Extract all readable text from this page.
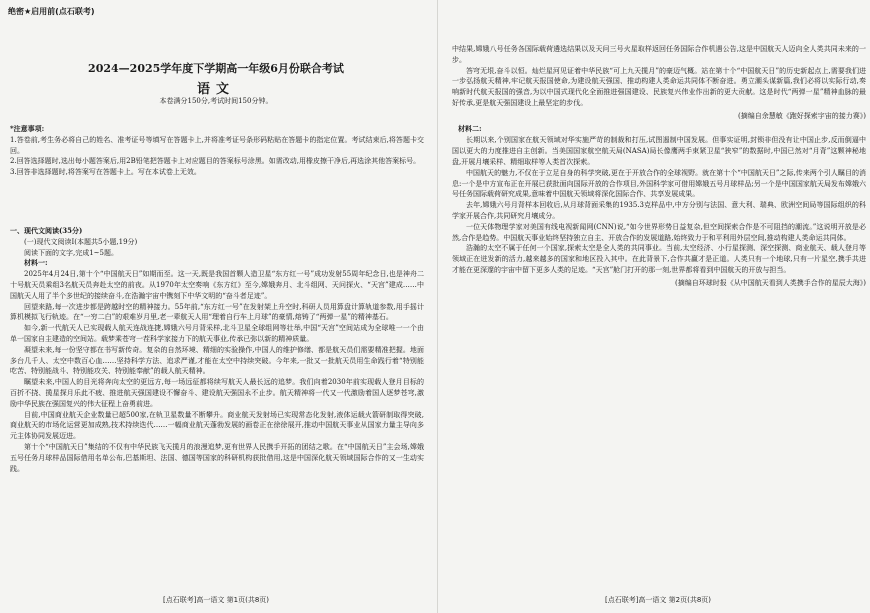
绝密★启用前(点石联考)
2024—2025学年度下学期高一年级6月份联合考试
语文
本卷满分150分,考试时间150分钟。

*注意事项:

1.答卷前,考生务必将自己的姓名、准考证号等填写在答题卡上,并将准考证号条形码粘贴在答题卡的指定位置。考试结束后,将答题卡交回。

2.回答选择题时,选出每小题答案后,用2B铅笔把答题卡上对应题目的答案标号涂黑。如需改动,用橡皮擦干净后,再选涂其他答案标号。

3.回答非选择题时,将答案写在答题卡上。写在本试卷上无效。

一、现代文阅读(35分)

(一)现代文阅读Ⅰ(本题共5小题,19分)

阅读下面的文字,完成1~5题。

材料一:

2025年4月24日,第十个“中国航天日”如期而至。这一天,既是我国首颗人造卫星“东方红一号”成功发射55周年纪念日,也是神舟二十号航天员乘组3名航天员奔赴太空的前夜。从1970年太空奏响《东方红》至今,嫦娥奔月、北斗组网、天问探火、“天宫”建成……中国航天人用了半个多世纪的接续奋斗,在浩瀚宇宙中镌刻下中华文明的“奋斗者足迹”。

回望来路,每一次进步都是跨越时空的精神接力。55年前,“东方红一号”在发射架上升空时,科研人员用算盘计算轨道参数,用手摇计算机模拟飞行轨迹。在“一穷二白”的艰难岁月里,老一辈航天人用“理着自行车上月球”的豪情,熔铸了“两弹一星”的精神基石。

如今,新一代航天人已实现载人航天连战连捷,嫦娥六号月背采样,北斗卫星全球组网等壮举,中国“天宫”空间站成为全球唯一一个由单一国家自主建造的空间站。载梦乘苍穹一茬科学家接力下的航天事业,传承已弥以新的精神质量。

凝望未来,每一份坚守都在书写新传奇。复杂的自然环境、精细的实验操作,中国人的维护修缮、都是航天员们需要精准把握。地面多台几千人、太空中数百心血……坚持科学方法、追求严谨,才能在太空中持续突破。今年来,一批又一批航天员用生命践行着“特别能吃苦、特别能战斗、特别能攻关、特别能奉献”的载人航天精神。

瞩望未来,中国人的目光将奔向太空的更远方,每一场远征都将续写航天人最长远的追梦。我们向着2030年前实现载人登月目标的百折不挠、揽星探月乐此不疲、推进航天强国建设不懈奋斗、建设航天强国永不止步。航天精神将一代又一代激励着国人逐梦苍穹,激励中华民族在强国复兴的伟大征程上奋勇前进。

目前,中国商业航天企业数量已超500家,在轨卫星数量不断攀升。商业航天发射场已实现常态化发射,液体运载火箭研制取得突破,商业航天的市场化运营更加成熟,技术持续迭代……一幅商业航天蓬勃发展的画卷正在徐徐展开,推动中国航天事业从国家力量主导向多元主体协同发展迈进。

第十个“中国航天日”集结的不仅有中华民族飞天揽月的浪漫追梦,更有世界人民携手开拓的团结之歌。在“中国航天日”主会场,嫦娥五号任务月球样品国际借用名单公布,巴基斯坦、法国、德国等国家的科研机构获批借用,这是中国深化航天领域国际合作的又一生动实践。

[点石联考]高一语文 第1页(共8页)

中结果,嫦娥八号任务各国际载荷遴选结果以及天问三号火星取样返回任务国际合作机遇公告,这是中国航天人迈向全人类共同未来的一步。

答穹无垠,奋斗以恒。灿烂星河见证着中华民族“可上九天揽月”的豪迈气概。站在第十个“中国航天日”的历史新起点上,需要我们进一步弘扬航天精神,牢记航天报国使命,为建设航天强国、推动构建人类命运共同体不断奋进。勇立潮头谋新篇,我们必将以实际行动,奏响新时代航天报国的强音,为以中国式现代化全面推进强国建设、民族复兴伟业作出新的更大贡献。这是时代“两弹一星”精神血脉的最好传承,更是航天强国建设上最坚定的步伐。

(摘编自余慧敏《跑好探索宇宙的接力赛》)

材料二:

长期以来,个别国家在航天领域对华实施严苛的制裁和打压,试图遏制中国发展。但事实证明,封锁非但没有让中国止步,反而倒逼中国以更大的力度推进自主创新。当美国国家航空航天局(NASA)局长像鹰两手束紧卫星“狭窄”的数据时,中国已然对“月背”这颗神秘地盘,开展月壤采样、精细取样等人类首次探索。

中国航天的魅力,不仅在于立足自身的科学突破,更在于开放合作的全球视野。就在第十个“中国航天日”之际,传来两个引人瞩目的消息:一个是中方宣布正在开展已获批面向国际开放的合作项目,外国科学家可借用嫦娥五号月球样品;另一个是中国国家航天局发布嫦娥六号任务国际载荷研究成果,意味着中国航天领域将深化国际合作、共享发展成果。

去年,嫦娥六号月背样本回收后,从月球背面采集的1935.3克样品中,中方分别与法国、意大利、瑞典、欧洲空间局等国际组织的科学家开展合作,共同研究月壤成分。

一位天体物理学家对美国有线电视新闻网(CNN)说,“如今世界形势日益复杂,但空间探索合作是不可阻挡的潮流。”这说明开放是必然,合作是趋势。中国航天事业始终坚持独立自主、开放合作的发展道路,始终致力于和平利用外层空间,推动构建人类命运共同体。

浩瀚的太空不属于任何一个国家,探索太空是全人类的共同事业。当前,太空经济、小行星探测、深空探测、商业航天、载人登月等领域正在迸发新的活力,越来越多的国家和地区投入其中。在此背景下,合作共赢才是正道。人类只有一个地球,只有一片星空,携手共进才能在更深邃的宇宙中留下更多人类的足迹。“天宫”舱门打开的那一刻,世界都将看到中国航天的开放与担当。

(摘编自环球时报《从中国航天看到人类携手合作的星辰大海》)

[点石联考]高一语文 第2页(共8页)
